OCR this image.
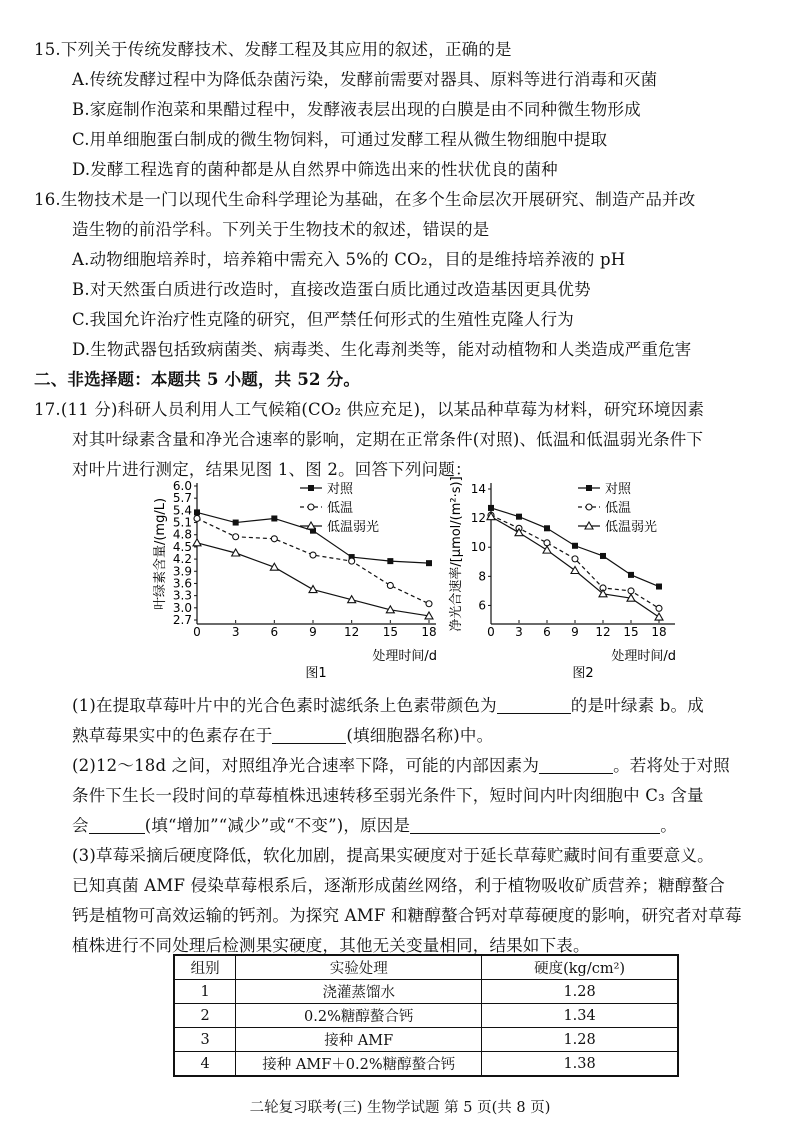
15.下列关于传统发酵技术、发酵工程及其应用的叙述，正确的是
A.传统发酵过程中为降低杂菌污染，发酵前需要对器具、原料等进行消毒和灭菌
B.家庭制作泡菜和果醋过程中，发酵液表层出现的白膜是由不同种微生物形成
C.用单细胞蛋白制成的微生物饲料，可通过发酵工程从微生物细胞中提取
D.发酵工程选育的菌种都是从自然界中筛选出来的性状优良的菌种
16.生物技术是一门以现代生命科学理论为基础，在多个生命层次开展研究、制造产品并改
造生物的前沿学科。下列关于生物技术的叙述，错误的是
A.动物细胞培养时，培养箱中需充入 5%的 CO₂，目的是维持培养液的 pH
B.对天然蛋白质进行改造时，直接改造蛋白质比通过改造基因更具优势
C.我国允许治疗性克隆的研究，但严禁任何形式的生殖性克隆人行为
D.生物武器包括致病菌类、病毒类、生化毒剂类等，能对动植物和人类造成严重危害
二、非选择题：本题共 5 小题，共 52 分。
17.(11 分)科研人员利用人工气候箱(CO₂ 供应充足)，以某品种草莓为材料，研究环境因素
对其叶绿素含量和净光合速率的影响，定期在正常条件(对照)、低温和低温弱光条件下
对叶片进行测定，结果见图 1、图 2。回答下列问题：
2.7
3.0
3.3
3.6
3.9
4.2
4.5
4.8
5.1
5.4
5.7
6.0
0	3	6	9 12 15 18
对照
低温
低温弱光
叶绿素含量/(mg/L)
处理时间/d
图1
6
8
10
12
14
0 3 6 9 12 15 18
对照
低温
低温弱光
净光合速率/[μmol/(m²·s)]
处理时间/d
图2
(1)在提取草莓叶片中的光合色素时滤纸条上色素带颜色为	的是叶绿素 b。成
熟草莓果实中的色素存在于	(填细胞器名称)中。
(2)12～18d 之间，对照组净光合速率下降，可能的内部因素为	。若将处于对照
条件下生长一段时间的草莓植株迅速转移至弱光条件下，短时间内叶肉细胞中 C₃ 含量
会	(填“增加”“减少”或“不变”)，原因是	。
(3)草莓采摘后硬度降低，软化加剧，提高果实硬度对于延长草莓贮藏时间有重要意义。
已知真菌 AMF 侵染草莓根系后，逐渐形成菌丝网络，利于植物吸收矿质营养；糖醇螯合
钙是植物可高效运输的钙剂。为探究 AMF 和糖醇螯合钙对草莓硬度的影响，研究者对草莓
植株进行不同处理后检测果实硬度，其他无关变量相同，结果如下表。
组别	实验处理	硬度(kg/cm²)
1	浇灌蒸馏水	1.28
2	0.2%糖醇螯合钙	1.34
3	接种 AMF	1.28
4	接种 AMF＋0.2%糖醇螯合钙	1.38
二轮复习联考(三) 生物学试题 第 5 页(共 8 页)
